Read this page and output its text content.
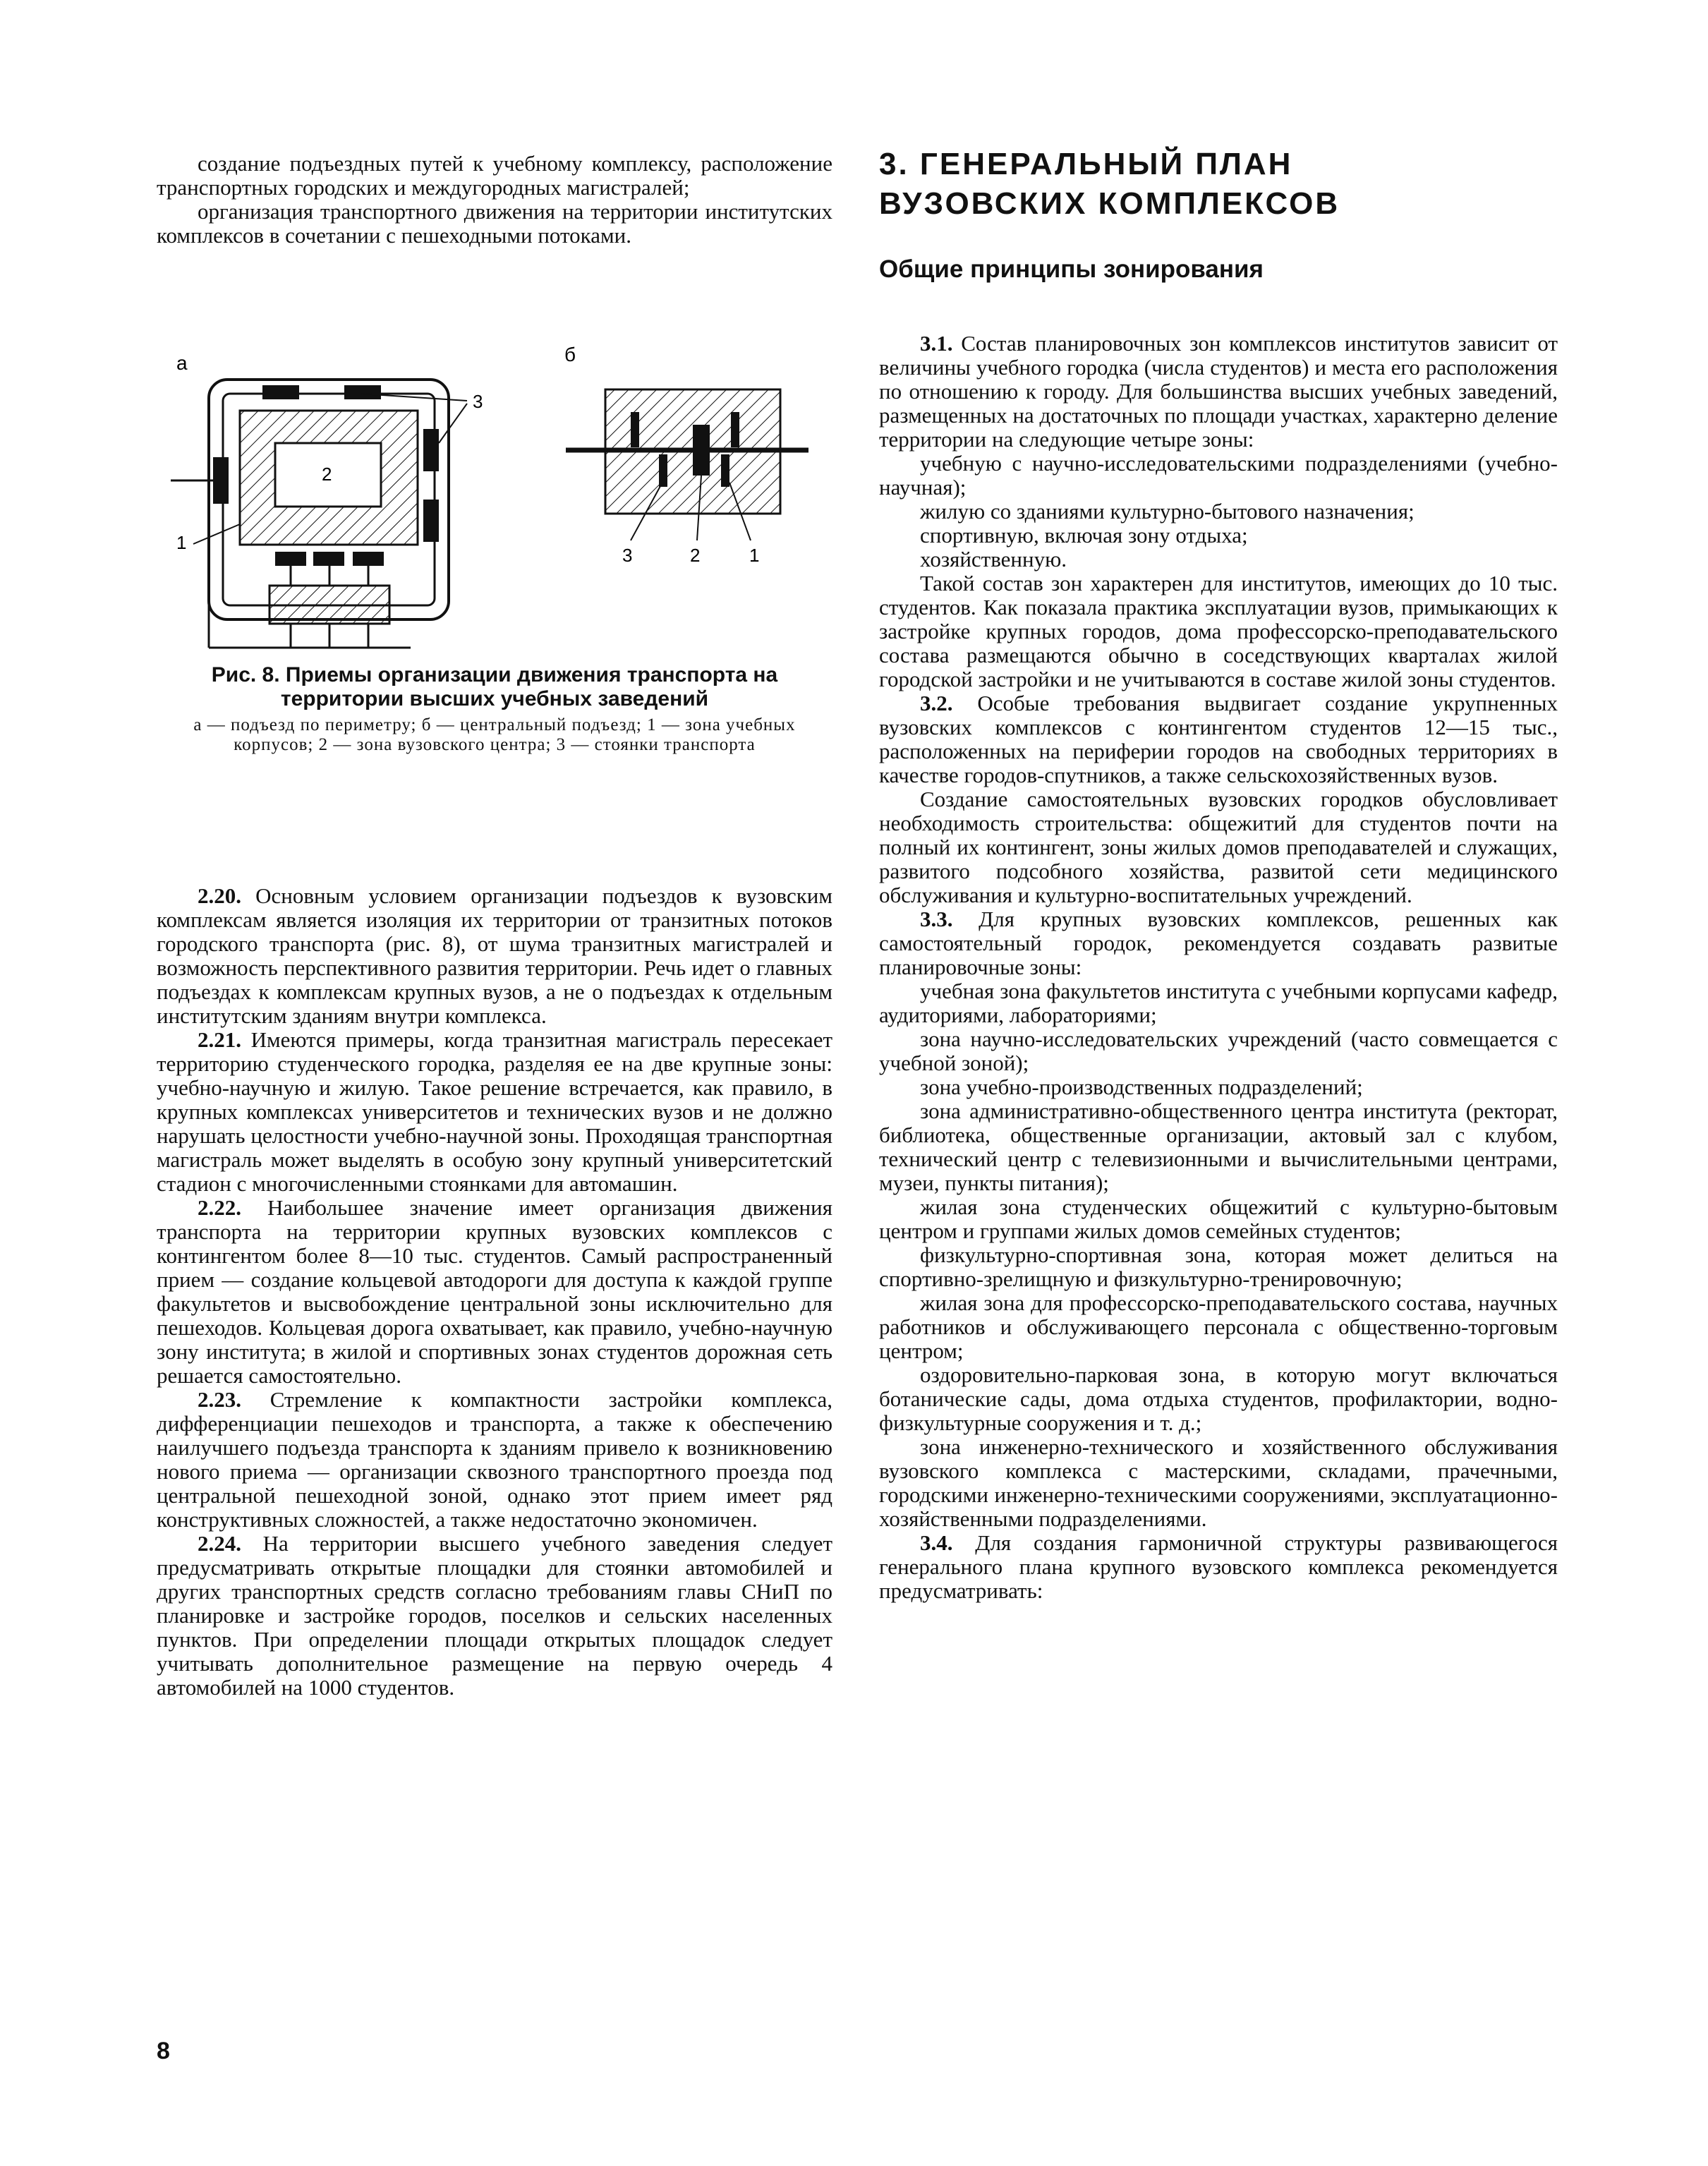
создание подъездных путей к учебному комплексу, расположение транспортных городских и междугородных магистралей;

организация транспортного движения на территории институтских комплексов в сочетании с пешеходными потоками.

а
2
3
1
б
3	2	1
Рис. 8. Приемы организации движения транспорта на территории высших учебных заведений
а — подъезд по периметру; б — центральный подъезд; 1 — зона учебных корпусов; 2 — зона вузовского центра; 3 — стоянки транспорта

2.20. Основным условием организации подъездов к вузовским комплексам является изоляция их территории от транзитных потоков городского транспорта (рис. 8), от шума транзитных магистралей и возможность перспективного развития территории. Речь идет о главных подъездах к комплексам крупных вузов, а не о подъездах к отдельным институтским зданиям внутри комплекса.

2.21. Имеются примеры, когда транзитная магистраль пересекает территорию студенческого городка, разделяя ее на две крупные зоны: учебно-научную и жилую. Такое решение встречается, как правило, в крупных комплексах университетов и технических вузов и не должно нарушать целостности учебно-научной зоны. Проходящая транспортная магистраль может выделять в особую зону крупный университетский стадион с многочисленными стоянками для автомашин.

2.22. Наибольшее значение имеет организация движения транспорта на территории крупных вузовских комплексов с контингентом более 8—10 тыс. студентов. Самый распространенный прием — создание кольцевой автодороги для доступа к каждой группе факультетов и высвобождение центральной зоны исключительно для пешеходов. Кольцевая дорога охватывает, как правило, учебно-научную зону института; в жилой и спортивных зонах студентов дорожная сеть решается самостоятельно.

2.23. Стремление к компактности застройки комплекса, дифференциации пешеходов и транспорта, а также к обеспечению наилучшего подъезда транспорта к зданиям привело к возникновению нового приема — организации сквозного транспортного проезда под центральной пешеходной зоной, однако этот прием имеет ряд конструктивных сложностей, а также недостаточно экономичен.

2.24. На территории высшего учебного заведения следует предусматривать открытые площадки для стоянки автомобилей и других транспортных средств согласно требованиям главы СНиП по планировке и застройке городов, поселков и сельских населенных пунктов. При определении площади открытых площадок следует учитывать дополнительное размещение на первую очередь 4 автомобилей на 1000 студентов.

3. ГЕНЕРАЛЬНЫЙ ПЛАН
ВУЗОВСКИХ КОМПЛЕКСОВ
Общие принципы зонирования

3.1. Состав планировочных зон комплексов институтов зависит от величины учебного городка (числа студентов) и места его расположения по отношению к городу. Для большинства высших учебных заведений, размещенных на достаточных по площади участках, характерно деление территории на следующие четыре зоны:

учебную с научно-исследовательскими подразделениями (учебно-научная);

жилую со зданиями культурно-бытового назначения;

спортивную, включая зону отдыха;

хозяйственную.

Такой состав зон характерен для институтов, имеющих до 10 тыс. студентов. Как показала практика эксплуатации вузов, примыкающих к застройке крупных городов, дома профессорско-преподавательского состава размещаются обычно в соседствующих кварталах жилой городской застройки и не учитываются в составе жилой зоны студентов.

3.2. Особые требования выдвигает создание укрупненных вузовских комплексов с контингентом студентов 12—15 тыс., расположенных на периферии городов на свободных территориях в качестве городов-спутников, а также сельскохозяйственных вузов.

Создание самостоятельных вузовских городков обусловливает необходимость строительства: общежитий для студентов почти на полный их контингент, зоны жилых домов преподавателей и служащих, развитого подсобного хозяйства, развитой сети медицинского обслуживания и культурно-воспитательных учреждений.

3.3. Для крупных вузовских комплексов, решенных как самостоятельный городок, рекомендуется создавать развитые планировочные зоны:

учебная зона факультетов института с учебными корпусами кафедр, аудиториями, лабораториями;

зона научно-исследовательских учреждений (часто совмещается с учебной зоной);

зона учебно-производственных подразделений;

зона административно-общественного центра института (ректорат, библиотека, общественные организации, актовый зал с клубом, технический центр с телевизионными и вычислительными центрами, музеи, пункты питания);

жилая зона студенческих общежитий с культурно-бытовым центром и группами жилых домов семейных студентов;

физкультурно-спортивная зона, которая может делиться на спортивно-зрелищную и физкультурно-тренировочную;

жилая зона для профессорско-преподавательского состава, научных работников и обслуживающего персонала с общественно-торговым центром;

оздоровительно-парковая зона, в которую могут включаться ботанические сады, дома отдыха студентов, профилактории, водно-физкультурные сооружения и т. д.;

зона инженерно-технического и хозяйственного обслуживания вузовского комплекса с мастерскими, складами, прачечными, городскими инженерно-техническими сооружениями, эксплуатационно-хозяйственными подразделениями.

3.4. Для создания гармоничной структуры развивающегося генерального плана крупного вузовского комплекса рекомендуется предусматривать:

8
